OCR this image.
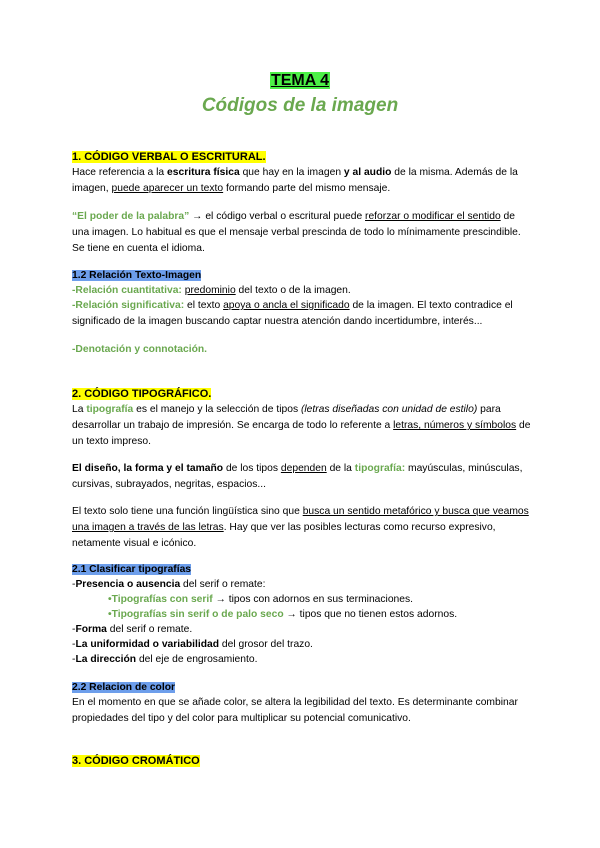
TEMA 4
Códigos de la imagen
1. CÓDIGO VERBAL O ESCRITURAL.

Hace referencia a la escritura física que hay en la imagen y al audio de la misma. Además de la imagen, puede aparecer un texto formando parte del mismo mensaje.

“El poder de la palabra” → el código verbal o escritural puede reforzar o modificar el sentido de una imagen. Lo habitual es que el mensaje verbal prescinda de todo lo mínimamente prescindible. Se tiene en cuenta el idioma.

1.2 Relación Texto-Imagen

-Relación cuantitativa: predominio del texto o de la imagen.

-Relación significativa: el texto apoya o ancla el significado de la imagen. El texto contradice el significado de la imagen buscando captar nuestra atención dando incertidumbre, interés...

-Denotación y connotación.

2. CÓDIGO TIPOGRÁFICO.

La tipografía es el manejo y la selección de tipos (letras diseñadas con unidad de estilo) para desarrollar un trabajo de impresión. Se encarga de todo lo referente a letras, números y símbolos de un texto impreso.

El diseño, la forma y el tamaño de los tipos dependen de la tipografía: mayúsculas, minúsculas, cursivas, subrayados, negritas, espacios...

El texto solo tiene una función lingüística sino que busca un sentido metafórico y busca que veamos una imagen a través de las letras. Hay que ver las posibles lecturas como recurso expresivo, netamente visual e icónico.

2.1 Clasificar tipografías

-Presencia o ausencia del serif o remate:

•Tipografías con serif → tipos con adornos en sus terminaciones.

•Tipografías sin serif o de palo seco → tipos que no tienen estos adornos.

-Forma del serif o remate.

-La uniformidad o variabilidad del grosor del trazo.

-La dirección del eje de engrosamiento.

2.2 Relacion de color

En el momento en que se añade color, se altera la legibilidad del texto. Es determinante combinar propiedades del tipo y del color para multiplicar su potencial comunicativo.

3. CÓDIGO CROMÁTICO
